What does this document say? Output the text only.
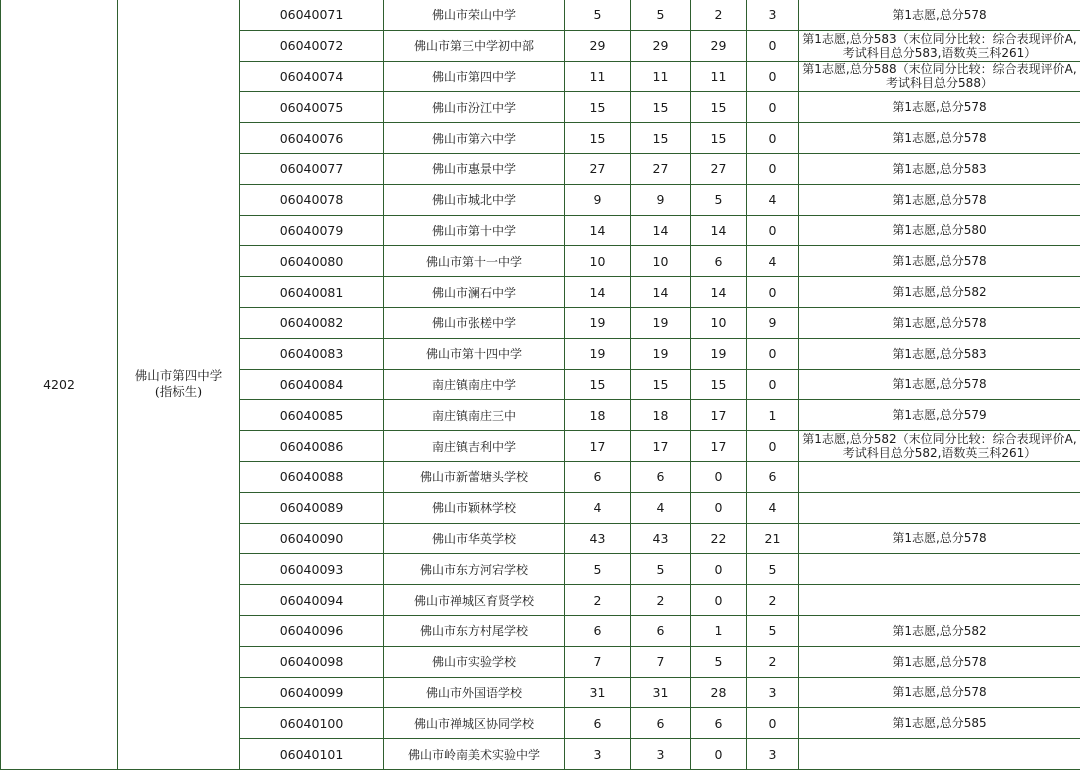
4202	佛山市第四中学
(指标生)	06040071	佛山市荣山中学	5	5	2	3	第1志愿,总分578

		06040072	佛山市第三中学初中部	29	29	29	0	第1志愿,总分583（末位同分比较：综合表现评价A,
考试科目总分583,语数英三科261）

		06040074	佛山市第四中学	11	11	11	0	第1志愿,总分588（末位同分比较：综合表现评价A,
考试科目总分588）

		06040075	佛山市汾江中学	15	15	15	0	第1志愿,总分578

		06040076	佛山市第六中学	15	15	15	0	第1志愿,总分578

		06040077	佛山市惠景中学	27	27	27	0	第1志愿,总分583

		06040078	佛山市城北中学	9	9	5	4	第1志愿,总分578

		06040079	佛山市第十中学	14	14	14	0	第1志愿,总分580

		06040080	佛山市第十一中学	10	10	6	4	第1志愿,总分578

		06040081	佛山市澜石中学	14	14	14	0	第1志愿,总分582

		06040082	佛山市张槎中学	19	19	10	9	第1志愿,总分578

		06040083	佛山市第十四中学	19	19	19	0	第1志愿,总分583

		06040084	南庄镇南庄中学	15	15	15	0	第1志愿,总分578

		06040085	南庄镇南庄三中	18	18	17	1	第1志愿,总分579

		06040086	南庄镇吉利中学	17	17	17	0	第1志愿,总分582（末位同分比较：综合表现评价A,
考试科目总分582,语数英三科261）

		06040088	佛山市新蕾塘头学校	6	6	0	6	

		06040089	佛山市颖林学校	4	4	0	4	

		06040090	佛山市华英学校	43	43	22	21	第1志愿,总分578

		06040093	佛山市东方河宕学校	5	5	0	5	

		06040094	佛山市禅城区育贤学校	2	2	0	2	

		06040096	佛山市东方村尾学校	6	6	1	5	第1志愿,总分582

		06040098	佛山市实验学校	7	7	5	2	第1志愿,总分578

		06040099	佛山市外国语学校	31	31	28	3	第1志愿,总分578

		06040100	佛山市禅城区协同学校	6	6	6	0	第1志愿,总分585

		06040101	佛山市岭南美术实验中学	3	3	0	3	
